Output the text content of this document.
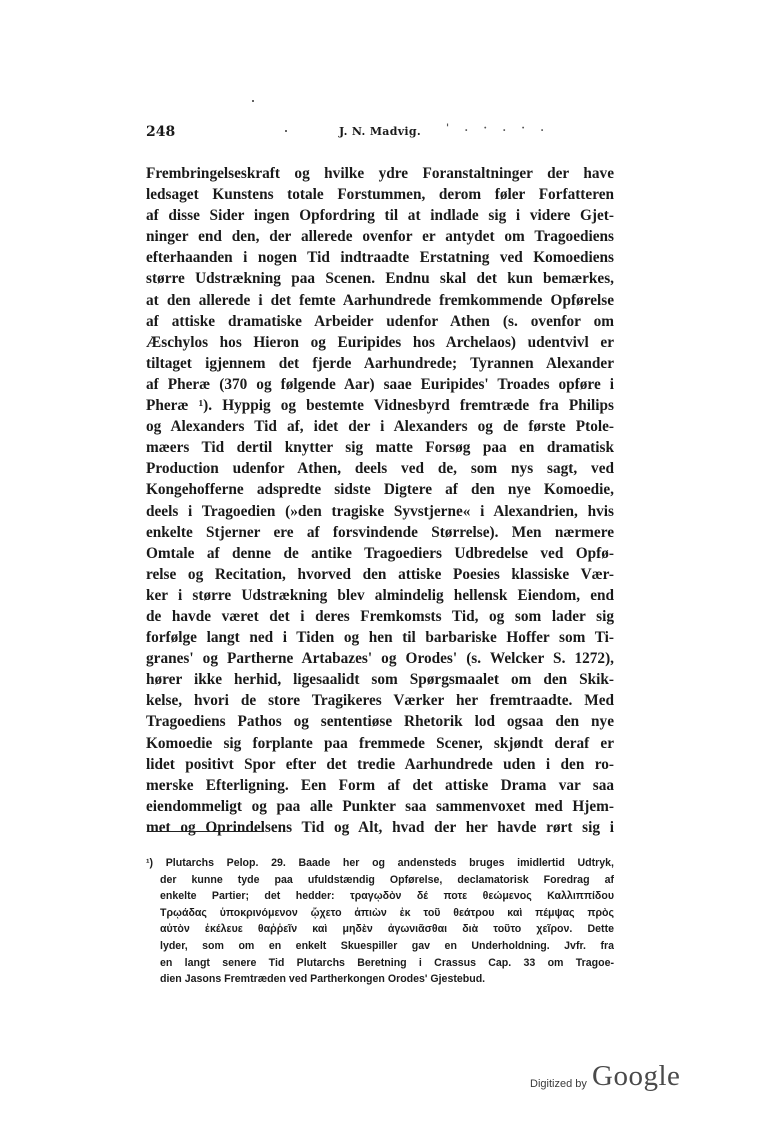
248	J. N. Madvig. ' . · . · .
Frembringelseskraft og hvilke ydre Foranstaltninger der have
ledsaget Kunstens totale Forstummen, derom føler Forfatteren
af disse Sider ingen Opfordring til at indlade sig i videre Gjet-
ninger end den, der allerede ovenfor er antydet om Tragoediens
efterhaanden i nogen Tid indtraadte Erstatning ved Komoediens
større Udstrækning paa Scenen. Endnu skal det kun bemærkes,
at den allerede i det femte Aarhundrede fremkommende Opførelse
af attiske dramatiske Arbeider udenfor Athen (s. ovenfor om
Æschylos hos Hieron og Euripides hos Archelaos) udentvivl er
tiltaget igjennem det fjerde Aarhundrede; Tyrannen Alexander
af Pheræ (370 og følgende Aar) saae Euripides' Troades opføre i
Pheræ ¹). Hyppig og bestemte Vidnesbyrd fremtræde fra Philips
og Alexanders Tid af, idet der i Alexanders og de første Ptole-
mæers Tid dertil knytter sig matte Forsøg paa en dramatisk
Production udenfor Athen, deels ved de, som nys sagt, ved
Kongehofferne adspredte sidste Digtere af den nye Komoedie,
deels i Tragoedien (»den tragiske Syvstjerne« i Alexandrien, hvis
enkelte Stjerner ere af forsvindende Størrelse). Men nærmere
Omtale af denne de antike Tragoediers Udbredelse ved Opfø-
relse og Recitation, hvorved den attiske Poesies klassiske Vær-
ker i større Udstrækning blev almindelig hellensk Eiendom, end
de havde været det i deres Fremkomsts Tid, og som lader sig
forfølge langt ned i Tiden og hen til barbariske Hoffer som Ti-
granes' og Partherne Artabazes' og Orodes' (s. Welcker S. 1272),
hører ikke herhid, ligesaalidt som Spørgsmaalet om den Skik-
kelse, hvori de store Tragikeres Værker her fremtraadte. Med
Tragoediens Pathos og sententiøse Rhetorik lod ogsaa den nye
Komoedie sig forplante paa fremmede Scener, skjøndt deraf er
lidet positivt Spor efter det tredie Aarhundrede uden i den ro-
merske Efterligning. Een Form af det attiske Drama var saa
eiendommeligt og paa alle Punkter saa sammenvoxet med Hjem-
met og Oprindelsens Tid og Alt, hvad der her havde rørt sig i
¹) Plutarchs Pelop. 29. Baade her og andensteds bruges imidlertid Udtryk,
der kunne tyde paa ufuldstændig Opførelse, declamatorisk Foredrag af
enkelte Partier; det hedder: τραγῳδὸν δέ ποτε θεώμενος Καλλιππίδου
Τρῳάδας ὑποκρινόμενον ᾤχετο ἀπιὼν ἐκ τοῦ θεάτρου καὶ πέμψας πρὸς
αὐτὸν ἐκέλευε θαῤῥεῖν καὶ μηδὲν ἀγωνιᾶσθαι διὰ τοῦτο χεῖρον. Dette
lyder, som om en enkelt Skuespiller gav en Underholdning. Jvfr. fra
en langt senere Tid Plutarchs Beretning i Crassus Cap. 33 om Tragoe-
dien Jasons Fremtræden ved Partherkongen Orodes' Gjestebud.
Digitized by Google
